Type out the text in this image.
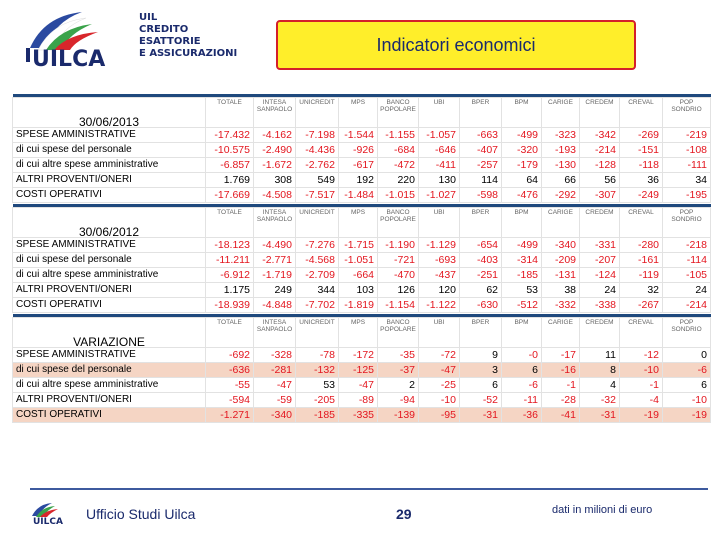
UILCA
UIL
CREDITO
ESATTORIE
E ASSICURAZIONI	Indicatori economici

30/06/2013	TOTALE	INTESA SANPAOLO	UNICREDIT	MPS	BANCO POPOLARE	UBI	BPER	BPM	CARIGE	CREDEM	CREVAL	POP SONDRIO
SPESE AMMINISTRATIVE	-17.432	-4.162	-7.198	-1.544	-1.155	-1.057	-663	-499	-323	-342	-269	-219
di cui spese del personale	-10.575	-2.490	-4.436	-926	-684	-646	-407	-320	-193	-214	-151	-108
di cui altre spese amministrative	-6.857	-1.672	-2.762	-617	-472	-411	-257	-179	-130	-128	-118	-111
ALTRI PROVENTI/ONERI	1.769	308	549	192	220	130	114	64	66	56	36	34
COSTI OPERATIVI	-17.669	-4.508	-7.517	-1.484	-1.015	-1.027	-598	-476	-292	-307	-249	-195

30/06/2012	TOTALE	INTESA SANPAOLO	UNICREDIT	MPS	BANCO POPOLARE	UBI	BPER	BPM	CARIGE	CREDEM	CREVAL	POP SONDRIO
SPESE AMMINISTRATIVE	-18.123	-4.490	-7.276	-1.715	-1.190	-1.129	-654	-499	-340	-331	-280	-218
di cui spese del personale	-11.211	-2.771	-4.568	-1.051	-721	-693	-403	-314	-209	-207	-161	-114
di cui altre spese amministrative	-6.912	-1.719	-2.709	-664	-470	-437	-251	-185	-131	-124	-119	-105
ALTRI PROVENTI/ONERI	1.175	249	344	103	126	120	62	53	38	24	32	24
COSTI OPERATIVI	-18.939	-4.848	-7.702	-1.819	-1.154	-1.122	-630	-512	-332	-338	-267	-214

VARIAZIONE	TOTALE	INTESA SANPAOLO	UNICREDIT	MPS	BANCO POPOLARE	UBI	BPER	BPM	CARIGE	CREDEM	CREVAL	POP SONDRIO
SPESE AMMINISTRATIVE	-692	-328	-78	-172	-35	-72	9	-0	-17	11	-12	0
di cui spese del personale	-636	-281	-132	-125	-37	-47	3	6	-16	8	-10	-6
di cui altre spese amministrative	-55	-47	53	-47	2	-25	6	-6	-1	4	-1	6
ALTRI PROVENTI/ONERI	-594	-59	-205	-89	-94	-10	-52	-11	-28	-32	-4	-10
COSTI OPERATIVI	-1.271	-340	-185	-335	-139	-95	-31	-36	-41	-31	-19	-19
UILCA Ufficio Studi Uilca	29	dati in milioni di euro
